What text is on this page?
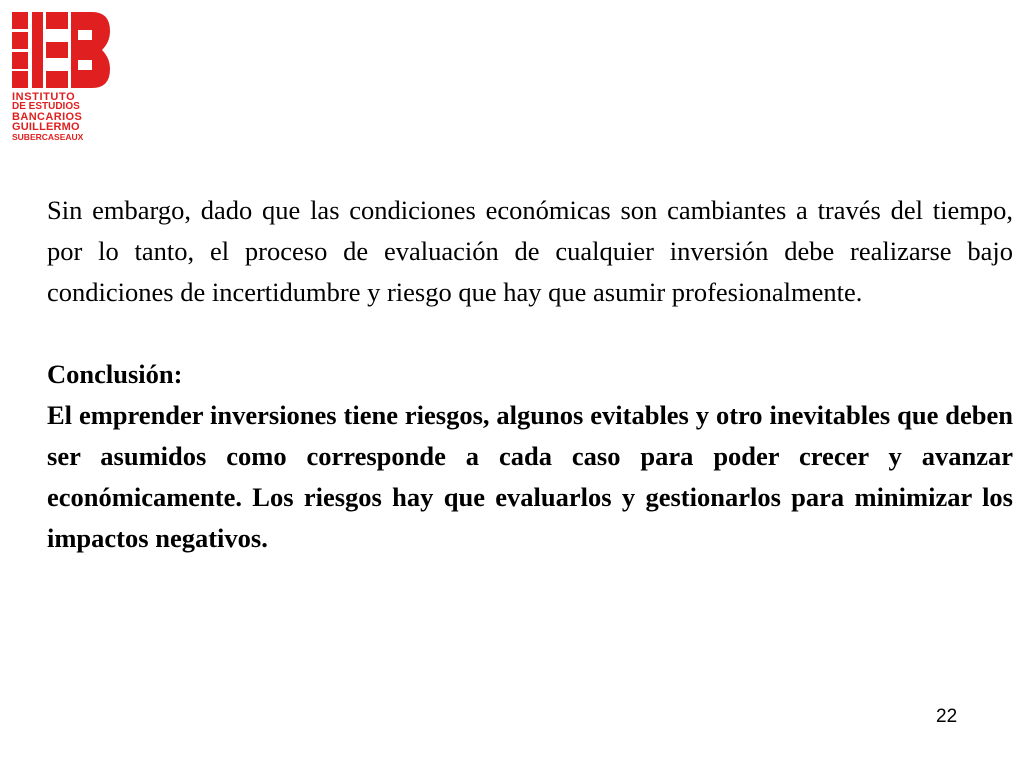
INSTITUTO
DE ESTUDIOS
BANCARIOS
GUILLERMO
SUBERCASEAUX

Sin embargo, dado que las condiciones económicas son cambiantes a través del tiempo, por lo tanto, el proceso de evaluación de cualquier inversión debe realizarse bajo condiciones de incertidumbre y riesgo que hay que asumir profesionalmente.

Conclusión:

El emprender inversiones tiene riesgos, algunos evitables y otro inevitables que deben ser asumidos como corresponde a cada caso para poder crecer y avanzar económicamente. Los riesgos hay que evaluarlos y gestionarlos para minimizar los impactos negativos.

22
